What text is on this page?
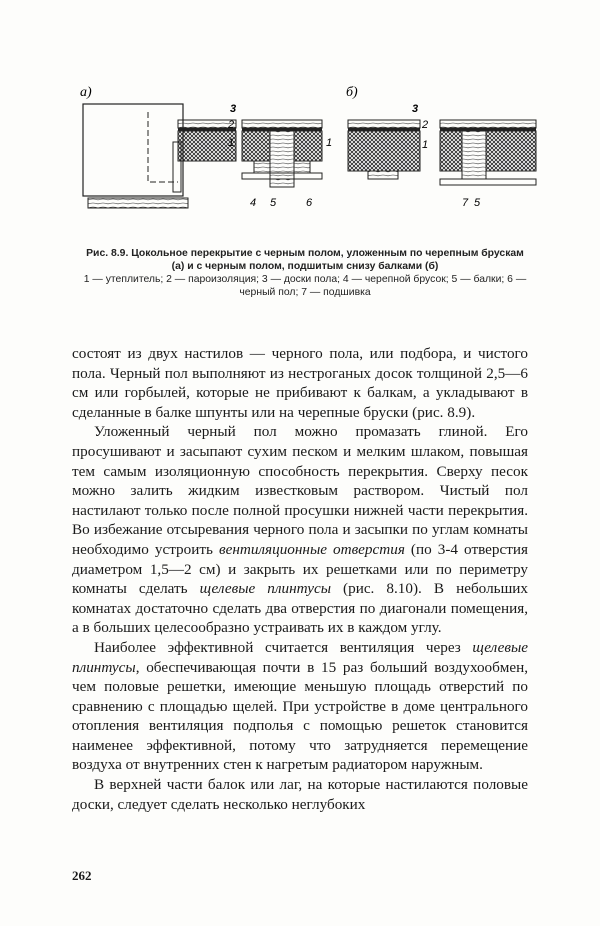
а)
3
2
1	1
4 5	6
б)
3
2
1
7 5
Рис. 8.9. Цокольное перекрытие с черным полом, уложенным по черепным брускам (а) и с черным полом, подшитым снизу балками (б)
1 — утеплитель; 2 — пароизоляция; 3 — доски пола; 4 — черепной брусок; 5 — балки; 6 — черный пол; 7 — подшивка

состоят из двух настилов — черного пола, или подбора, и чистого пола. Черный пол выполняют из нестроганых досок толщиной 2,5—6 см или горбылей, которые не прибивают к балкам, а укладывают в сделанные в балке шпунты или на черепные бруски (рис. 8.9).

Уложенный черный пол можно промазать глиной. Его просушивают и засыпают сухим песком и мелким шлаком, повышая тем самым изоляционную способность перекрытия. Сверху песок можно залить жидким известковым раствором. Чистый пол настилают только после полной просушки нижней части перекрытия. Во избежание отсыревания черного пола и засыпки по углам комнаты необходимо устроить вентиляционные отверстия (по 3-4 отверстия диаметром 1,5—2 см) и закрыть их решетками или по периметру комнаты сделать щелевые плинтусы (рис. 8.10). В небольших комнатах достаточно сделать два отверстия по диагонали помещения, а в больших целесообразно устраивать их в каждом углу.

Наиболее эффективной считается вентиляция через щелевые плинтусы, обеспечивающая почти в 15 раз больший воздухообмен, чем половые решетки, имеющие меньшую площадь отверстий по сравнению с площадью щелей. При устройстве в доме центрального отопления вентиляция подполья с помощью решеток становится наименее эффективной, потому что затрудняется перемещение воздуха от внутренних стен к нагретым радиатором наружным.

В верхней части балок или лаг, на которые настилаются половые доски, следует сделать несколько неглубоких

262
